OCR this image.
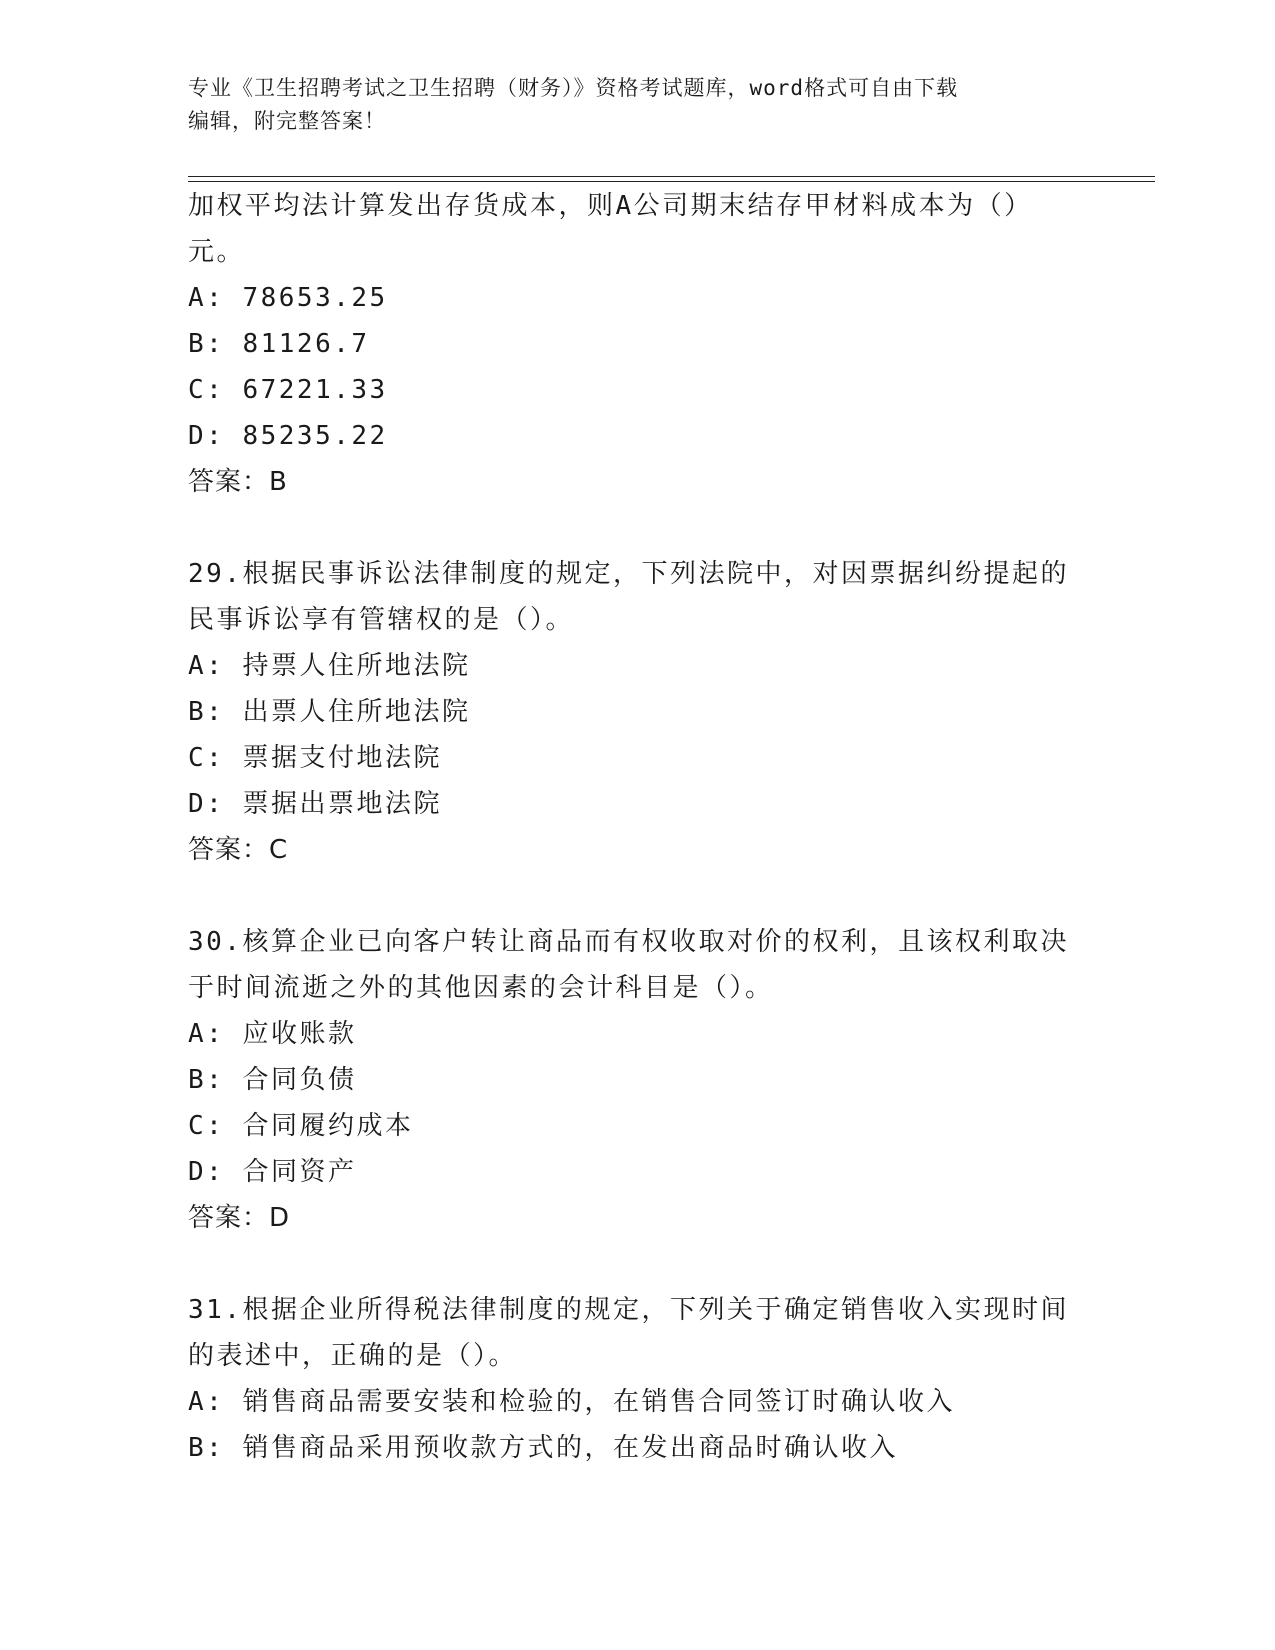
专业《卫生招聘考试之卫生招聘（财务）》资格考试题库，word格式可自由下载
编辑，附完整答案！
加权平均法计算发出存货成本，则A公司期末结存甲材料成本为（）
元。
A: 78653.25
B: 81126.7
C: 67221.33
D: 85235.22
答案：B
29.根据民事诉讼法律制度的规定，下列法院中，对因票据纠纷提起的
民事诉讼享有管辖权的是（）。
A: 持票人住所地法院
B: 出票人住所地法院
C: 票据支付地法院
D: 票据出票地法院
答案：C
30.核算企业已向客户转让商品而有权收取对价的权利，且该权利取决
于时间流逝之外的其他因素的会计科目是（）。
A: 应收账款
B: 合同负债
C: 合同履约成本
D: 合同资产
答案：D
31.根据企业所得税法律制度的规定，下列关于确定销售收入实现时间
的表述中，正确的是（）。
A: 销售商品需要安装和检验的，在销售合同签订时确认收入
B: 销售商品采用预收款方式的，在发出商品时确认收入
